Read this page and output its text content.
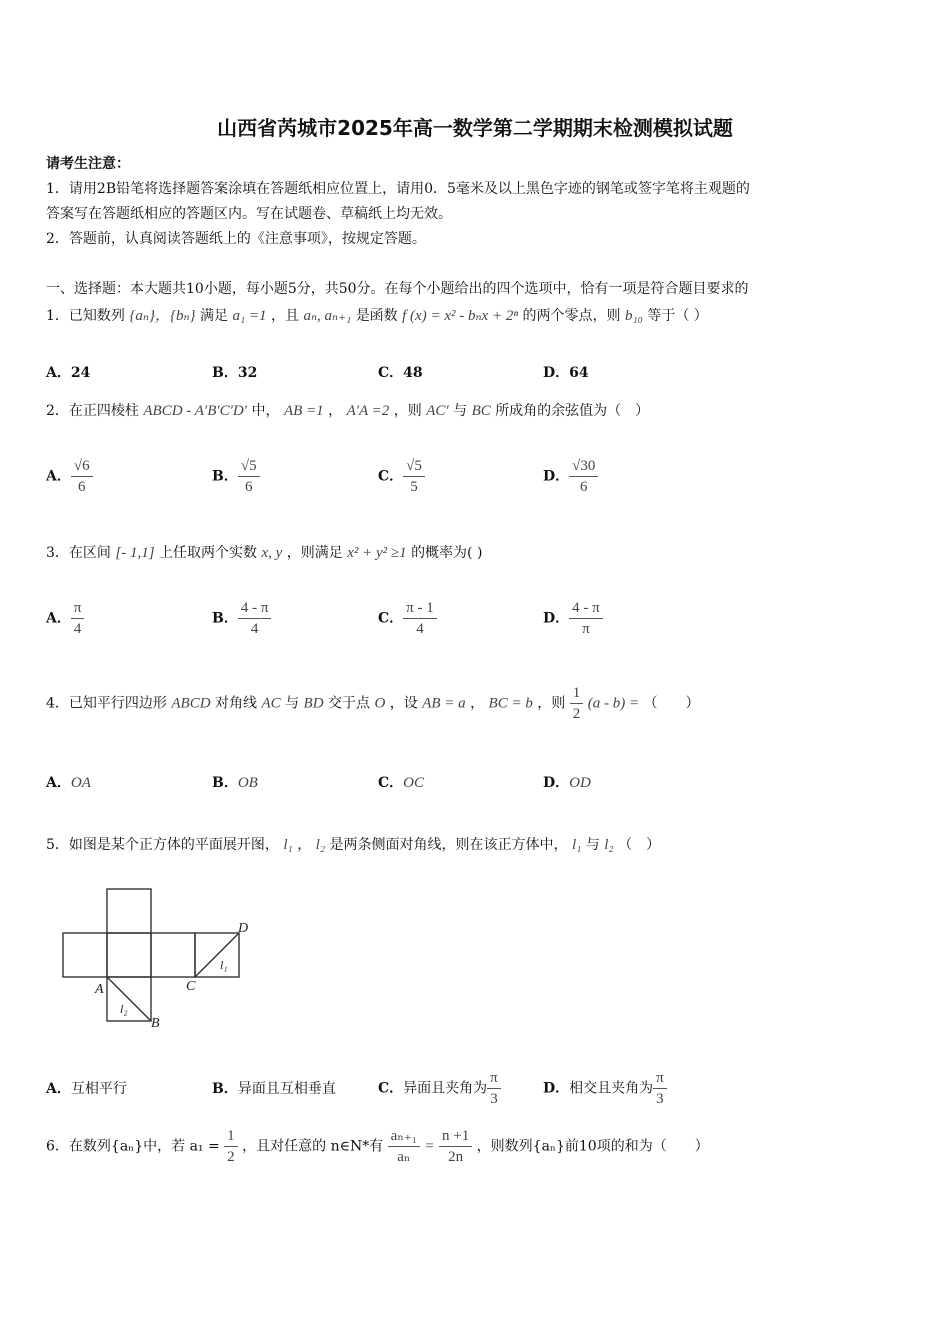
山西省芮城市2025年高一数学第二学期期末检测模拟试题
请考生注意：
1．请用2B铅笔将选择题答案涂填在答题纸相应位置上，请用0．5毫米及以上黑色字迹的钢笔或签字笔将主观题的
答案写在答题纸相应的答题区内。写在试题卷、草稿纸上均无效。
2．答题前，认真阅读答题纸上的《注意事项》，按规定答题。
一、选择题：本大题共10小题，每小题5分，共50分。在每个小题给出的四个选项中，恰有一项是符合题目要求的
1．已知数列 {aₙ}，{bₙ} 满足 a₁ =1 ，且 aₙ, aₙ₊₁ 是函数 f (x) = x² - bₙx + 2ⁿ 的两个零点，则 b₁₀ 等于（ ）
A．24	B．32	C．48	D．64
2．在正四棱柱 ABCD - A′B′C′D′ 中， AB =1 ， A′A =2 ，则 AC′ 与 BC 所成角的余弦值为（　）
A． $\frac{√6}{6}$	B． $\frac{√5}{6}$	C． $\frac{√5}{5}$	D． $\frac{√30}{6}$
3．在区间 [- 1,1] 上任取两个实数 x, y ，则满足 x² + y² ≥1 的概率为( )
A． $\frac{\pi}{4}$	B． $\frac{4 - \pi}{4}$	C． $\frac{\pi - 1}{4}$	D． $\frac{4 - \pi}{\pi}$
4．已知平行四边形 ABCD 对角线 AC 与 BD 交于点 O ，设 AB = a ， BC = b ，则 $\frac{1}{2} (a - b)$ = （　　）
A．OA	B．OB	C．OC	D．OD
5．如图是某个正方体的平面展开图， l₁ ， l₂ 是两条侧面对角线，则在该正方体中， l₁ 与 l₂ （　）
A
B
C
D
l₁
l₂
A．互相平行	B．异面且互相垂直	C．异面且夹角为 $\frac{\pi}{3}$	D．相交且夹角为 $\frac{\pi}{3}$
6．在数列{aₙ}中，若 $a_1 = \frac{1}{2}$ ，且对任意的 n∈N*有 $\frac{\text{aₙ₊₁}}{\text{aₙ}} = \frac{n +1}{2n}$ ，则数列{aₙ}前10项的和为（　　）
